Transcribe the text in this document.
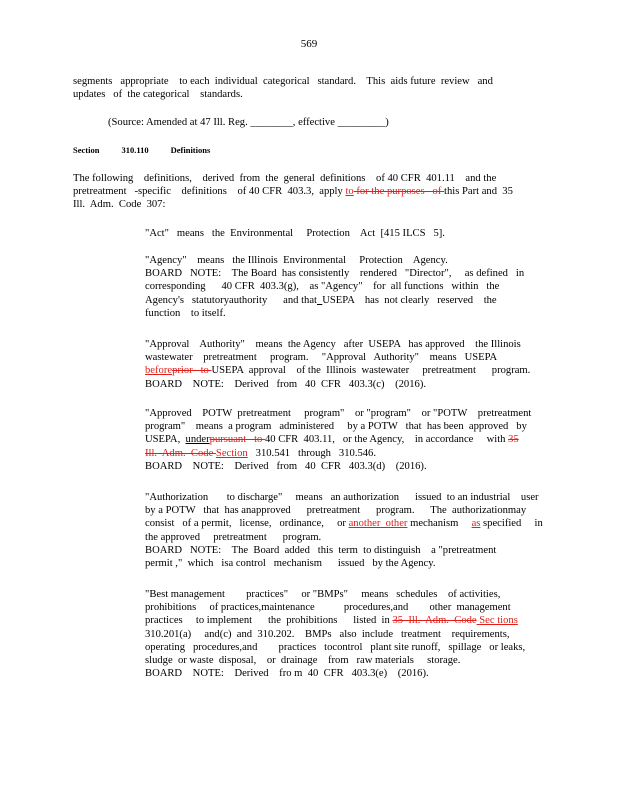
569
segments   appropriate    to each  individual  categorical   standard.    This  aids future  review   and
updates   of  the categorical    standards.
(Source: Amended at 47 Ill. Reg. ________, effective _________)
Section	310.110	Definitions
The following    definitions,    derived  from  the  general  definitions    of 40 CFR  401.11    and the
pretreatment   -specific    definitions    of 40 CFR  403.3,  apply to for the purposes   of this Part and  35
Ill.  Adm.  Code  307:
"Act"   means   the  Environmental     Protection    Act  [415 ILCS   5].
"Agency"    means   the Illinois  Environmental     Protection    Agency.
BOARD   NOTE:    The Board  has consistently    rendered   "Director",     as defined   in
corresponding      40 CFR  403.3(g),    as "Agency"    for  all functions   within   the
Agency's   statutoryauthority      and that USEPA    has  not clearly   reserved    the
function    to itself.
"Approval    Authority"    means  the Agency   after  USEPA   has approved    the Illinois
wastewater    pretreatment     program.     "Approval   Authority"    means   USEPA
beforeprior   to USEPA  approval    of the  Illinois  wastewater     pretreatment      program.
BOARD    NOTE:    Derived   from   40  CFR   403.3(c)    (2016).
"Approved    POTW  pretreatment     program"    or "program"    or "POTW    pretreatment
program"    means  a program   administered     by a POTW   that  has been  approved   by
USEPA,  underpursuant   to 40 CFR  403.11,   or the Agency,    in accordance     with 35
Ill.  Adm.  Code Section   310.541   through   310.546.
BOARD    NOTE:    Derived   from   40  CFR   403.3(d)    (2016).
"Authorization       to discharge"     means   an authorization      issued  to an industrial    user
by a POTW   that  has anapproved      pretreatment      program.      The  authorizationmay
consist   of a permit,   license,   ordinance,     or another  other mechanism     as specified     in
the approved     pretreatment      program.
BOARD   NOTE:    The  Board  added   this  term  to distinguish    a "pretreatment
permit ,"  which   isa control   mechanism      issued   by the Agency.
"Best management        practices"     or "BMPs"     means   schedules    of activities,
prohibitions     of practices,maintenance           procedures,and        other  management
practices     to implement      the  prohibitions      listed  in 35  Ill.  Adm.  Code Sec tions
310.201(a)     and(c)  and  310.202.    BMPs   also  include   treatment    requirements,
operating   procedures,and        practices   tocontrol   plant site runoff,   spillage   or leaks,
sludge  or waste  disposal,    or  drainage    from   raw materials     storage.
BOARD    NOTE:    Derived    fro m  40  CFR   403.3(e)    (2016).
